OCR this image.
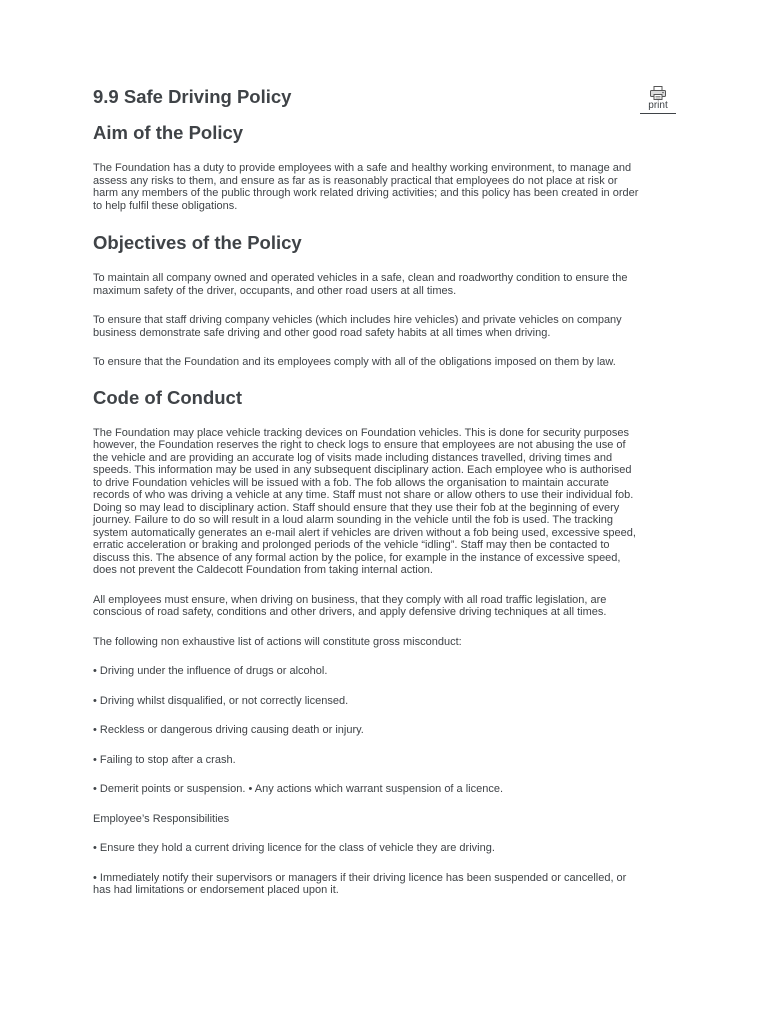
print
9.9 Safe Driving Policy
Aim of the Policy

The Foundation has a duty to provide employees with a safe and healthy working environment, to manage and assess any risks to them, and ensure as far as is reasonably practical that employees do not place at risk or harm any members of the public through work related driving activities; and this policy has been created in order to help fulfil these obligations.

Objectives of the Policy

To maintain all company owned and operated vehicles in a safe, clean and roadworthy condition to ensure the maximum safety of the driver, occupants, and other road users at all times.

To ensure that staff driving company vehicles (which includes hire vehicles) and private vehicles on company business demonstrate safe driving and other good road safety habits at all times when driving.

To ensure that the Foundation and its employees comply with all of the obligations imposed on them by law.

Code of Conduct

The Foundation may place vehicle tracking devices on Foundation vehicles. This is done for security purposes however, the Foundation reserves the right to check logs to ensure that employees are not abusing the use of the vehicle and are providing an accurate log of visits made including distances travelled, driving times and speeds. This information may be used in any subsequent disciplinary action. Each employee who is authorised to drive Foundation vehicles will be issued with a fob. The fob allows the organisation to maintain accurate records of who was driving a vehicle at any time. Staff must not share or allow others to use their individual fob. Doing so may lead to disciplinary action. Staff should ensure that they use their fob at the beginning of every journey. Failure to do so will result in a loud alarm sounding in the vehicle until the fob is used. The tracking system automatically generates an e-mail alert if vehicles are driven without a fob being used, excessive speed, erratic acceleration or braking and prolonged periods of the vehicle “idling”. Staff may then be contacted to discuss this. The absence of any formal action by the police, for example in the instance of excessive speed, does not prevent the Caldecott Foundation from taking internal action.

All employees must ensure, when driving on business, that they comply with all road traffic legislation, are conscious of road safety, conditions and other drivers, and apply defensive driving techniques at all times.

The following non exhaustive list of actions will constitute gross misconduct:

• Driving under the influence of drugs or alcohol.

• Driving whilst disqualified, or not correctly licensed.

• Reckless or dangerous driving causing death or injury.

• Failing to stop after a crash.

• Demerit points or suspension. • Any actions which warrant suspension of a licence.

Employee’s Responsibilities

• Ensure they hold a current driving licence for the class of vehicle they are driving.

• Immediately notify their supervisors or managers if their driving licence has been suspended or cancelled, or has had limitations or endorsement placed upon it.
